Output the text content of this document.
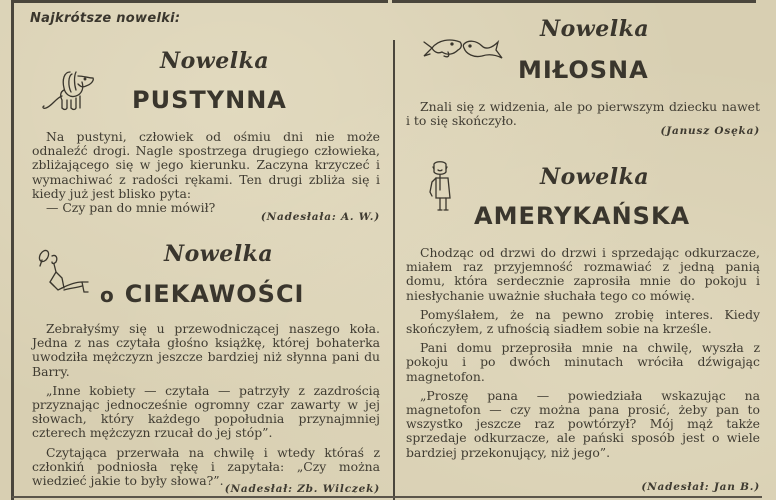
Najkrótsze nowelki:
Nowelka
PUSTYNNA

Na pustyni, człowiek od ośmiu dni nie może odnaleźć drogi. Nagle spostrzega drugiego człowieka, zbliżającego się w jego kierunku. Zaczyna krzyczeć i wymachiwać z radości rękami. Ten drugi zbliża się i kiedy już jest blisko pyta:

— Czy pan do mnie mówił?

(Nadesłała: A. W.)
Nowelka
o CIEKAWOŚCI

Zebrałyśmy się u przewodniczącej naszego koła. Jedna z nas czytała głośno książkę, której bohaterka uwodziła mężczyzn jeszcze bardziej niż słynna pani du Barry.

„Inne kobiety — czytała — patrzyły z zazdrością przyznając jednocześnie ogromny czar zawarty w jej słowach, który każdego popołudnia przynajmniej czterech mężczyzn rzucał do jej stóp”.

Czytająca przerwała na chwilę i wtedy któraś z członkiń podniosła rękę i zapytała: „Czy można wiedzieć jakie to były słowa?”.

(Nadesłał: Zb. Wilczek)
Nowelka
MIŁOSNA

Znali się z widzenia, ale po pierwszym dziecku nawet i to się skończyło.

(Janusz Osęka)
Nowelka
AMERYKAŃSKA

Chodząc od drzwi do drzwi i sprzedając odkurzacze, miałem raz przyjemność rozmawiać z jedną panią domu, która serdecznie zaprosiła mnie do pokoju i niesłychanie uważnie słuchała tego co mówię.

Pomyślałem, że na pewno zrobię interes. Kiedy skończyłem, z ufnością siadłem sobie na krześle.

Pani domu przeprosiła mnie na chwilę, wyszła z pokoju i po dwóch minutach wróciła dźwigając magnetofon.

„Proszę pana — powiedziała wskazując na magnetofon — czy można pana prosić, żeby pan to wszystko jeszcze raz powtórzył? Mój mąż także sprzedaje odkurzacze, ale pański sposób jest o wiele bardziej przekonujący, niż jego”.

(Nadesłał: Jan B.)
